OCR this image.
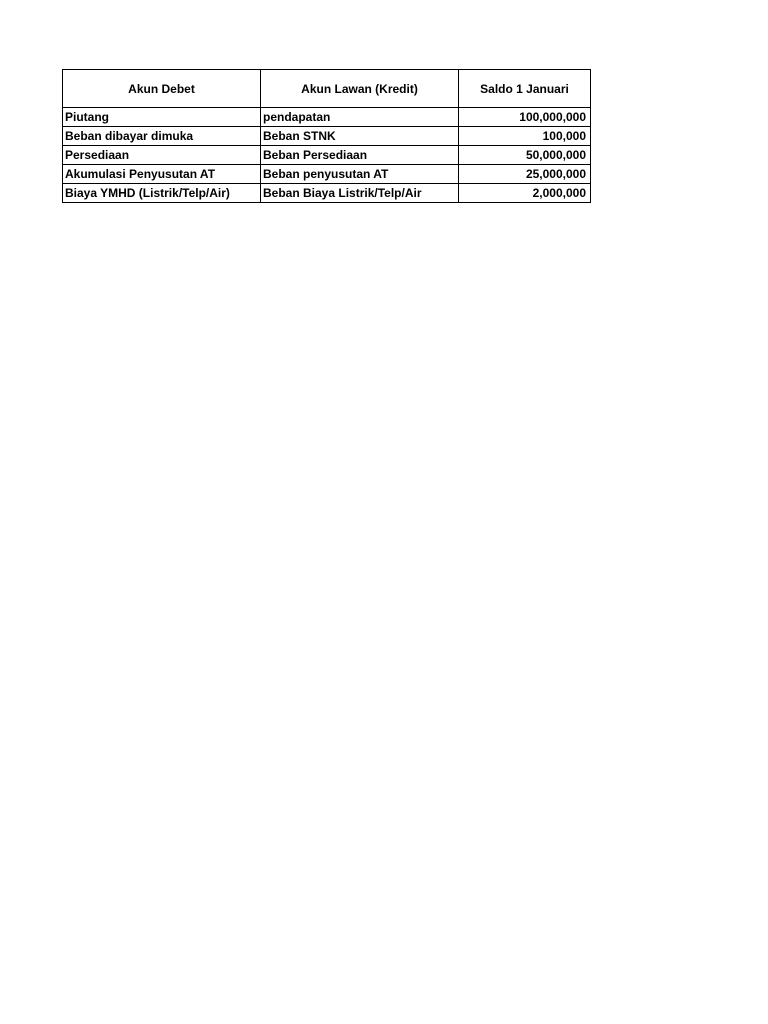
Akun Debet	Akun Lawan (Kredit)	Saldo 1 Januari
Piutang	pendapatan	100,000,000
Beban dibayar dimuka	Beban STNK	100,000
Persediaan	Beban Persediaan	50,000,000
Akumulasi Penyusutan AT	Beban penyusutan AT	25,000,000
Biaya YMHD (Listrik/Telp/Air)	Beban Biaya Listrik/Telp/Air	2,000,000
